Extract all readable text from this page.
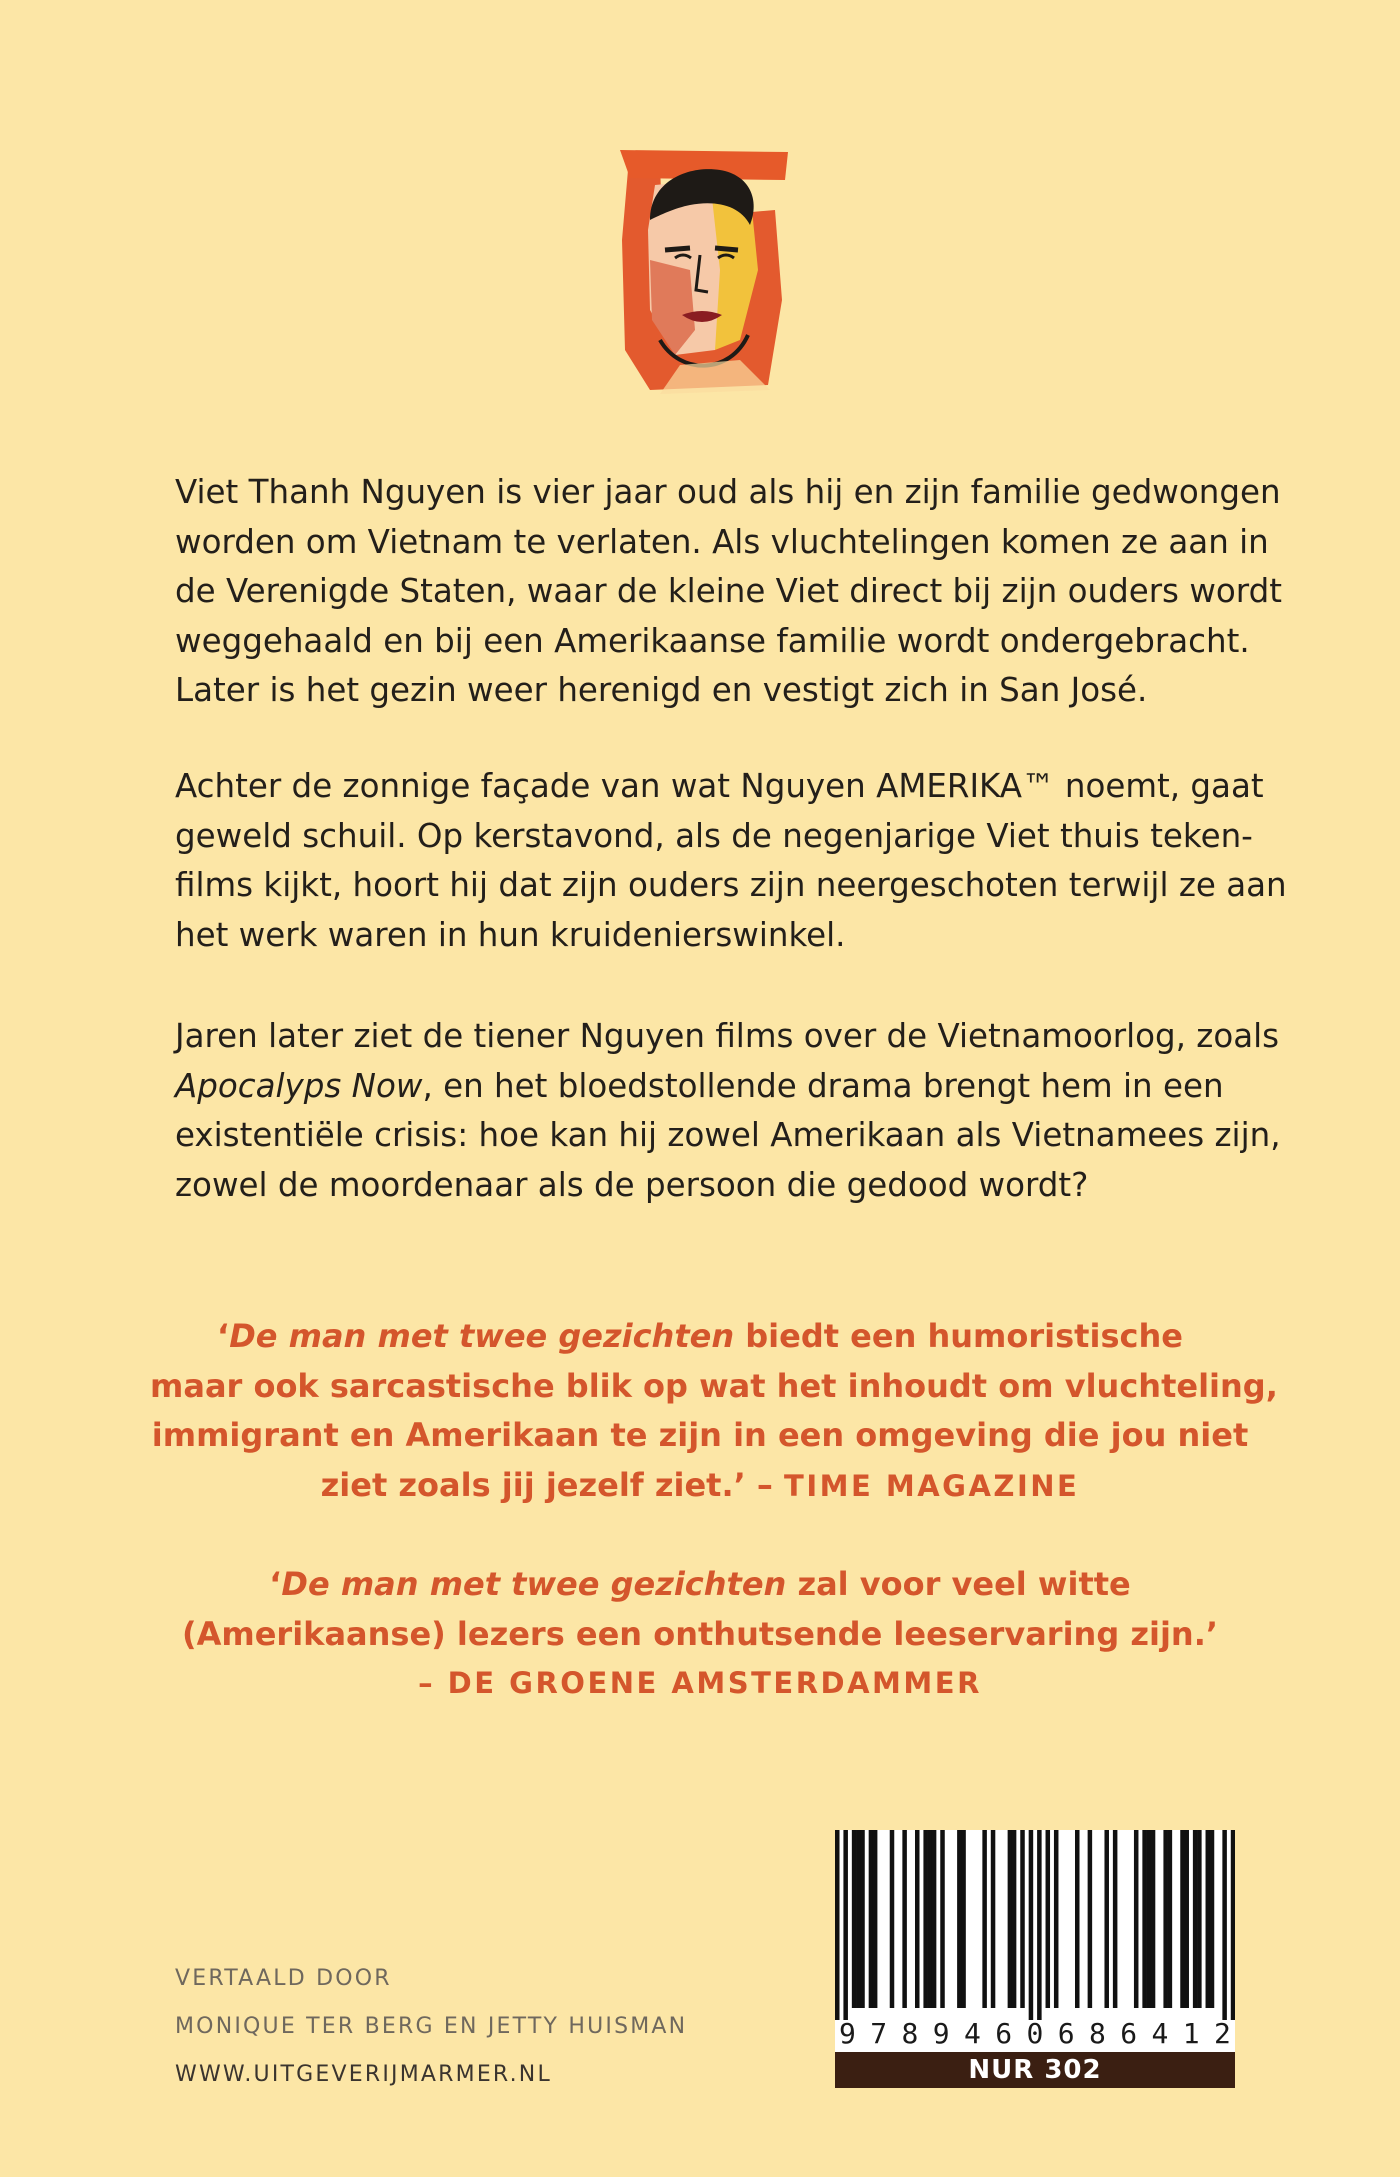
Viet Thanh Nguyen is vier jaar oud als hij en zijn familie gedwongen
worden om Vietnam te verlaten. Als vluchtelingen komen ze aan in
de Verenigde Staten, waar de kleine Viet direct bij zijn ouders wordt
weggehaald en bij een Amerikaanse familie wordt ondergebracht.
Later is het gezin weer herenigd en vestigt zich in San José.
Achter de zonnige façade van wat Nguyen AMERIKA™ noemt, gaat
geweld schuil. Op kerstavond, als de negenjarige Viet thuis teken-
films kijkt, hoort hij dat zijn ouders zijn neergeschoten terwijl ze aan
het werk waren in hun kruidenierswinkel.
Jaren later ziet de tiener Nguyen films over de Vietnamoorlog, zoals
Apocalyps Now, en het bloedstollende drama brengt hem in een
existentiële crisis: hoe kan hij zowel Amerikaan als Vietnamees zijn,
zowel de moordenaar als de persoon die gedood wordt?
‘De man met twee gezichten biedt een humoristische
maar ook sarcastische blik op wat het inhoudt om vluchteling,
immigrant en Amerikaan te zijn in een omgeving die jou niet
ziet zoals jij jezelf ziet.’ – TIME MAGAZINE
‘De man met twee gezichten zal voor veel witte
(Amerikaanse) lezers een onthutsende leeservaring zijn.’
– DE GROENE AMSTERDAMMER
VERTAALD DOOR
MONIQUE TER BERG EN JETTY HUISMAN
WWW.UITGEVERIJMARMER.NL
9 7 8 9 4 6 0 6 8 6 4 1 2
NUR 302
